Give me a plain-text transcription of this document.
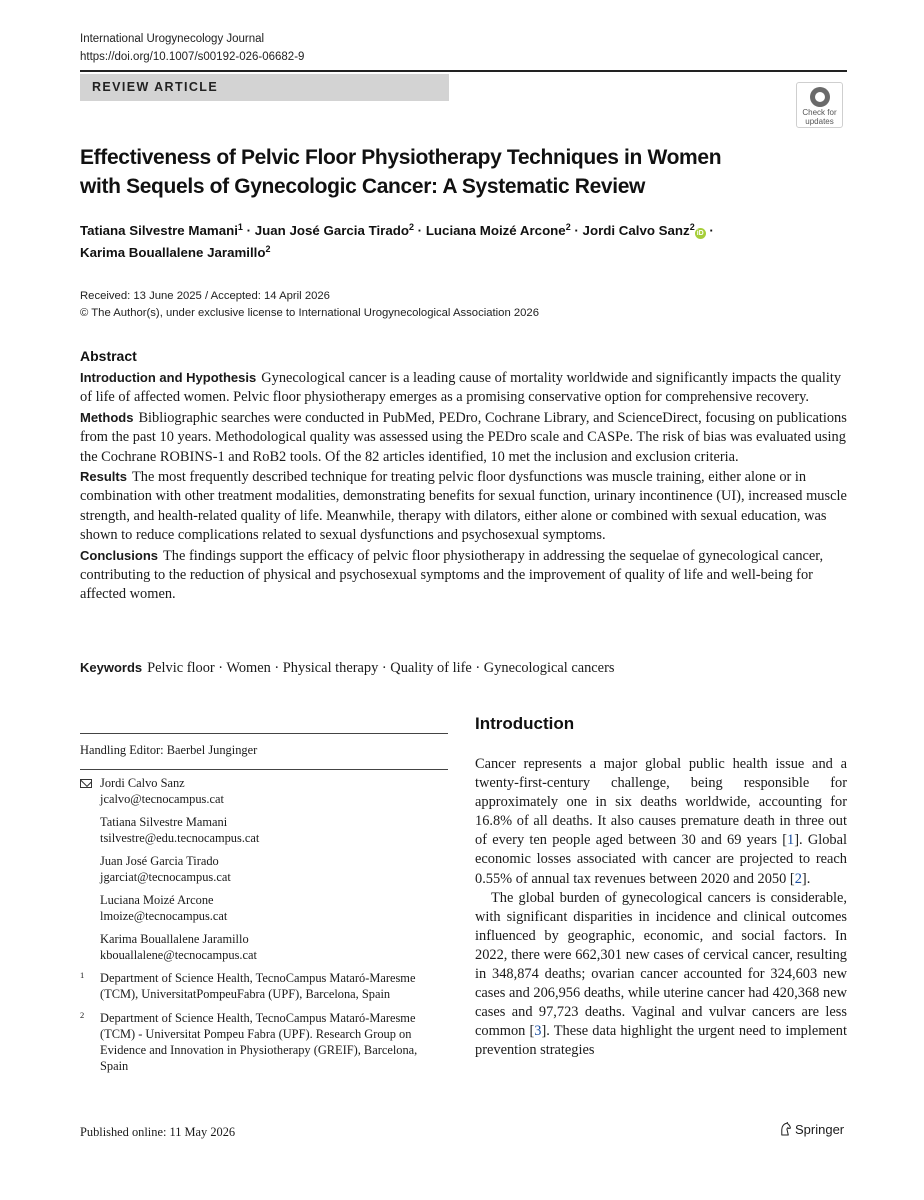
International Urogynecology Journal
https://doi.org/10.1007/s00192-026-06682-9
REVIEW ARTICLE
Check for
updates
Effectiveness of Pelvic Floor Physiotherapy Techniques in Women
with Sequels of Gynecologic Cancer: A Systematic Review
Tatiana Silvestre Mamani$^1$ · Juan José Garcia Tirado$^2$ · Luciana Moizé Arcone$^2$ · Jordi Calvo Sanz$^2$iD ·
Karima Bouallalene Jaramillo$^2$
Received: 13 June 2025 / Accepted: 14 April 2026
© The Author(s), under exclusive license to International Urogynecological Association 2026
Abstract

Introduction and Hypothesis Gynecological cancer is a leading cause of mortality worldwide and significantly impacts the quality of life of affected women. Pelvic floor physiotherapy emerges as a promising conservative option for comprehensive recovery.

Methods Bibliographic searches were conducted in PubMed, PEDro, Cochrane Library, and ScienceDirect, focusing on publications from the past 10 years. Methodological quality was assessed using the PEDro scale and CASPe. The risk of bias was evaluated using the Cochrane ROBINS-1 and RoB2 tools. Of the 82 articles identified, 10 met the inclusion and exclusion criteria.

Results The most frequently described technique for treating pelvic floor dysfunctions was muscle training, either alone or in combination with other treatment modalities, demonstrating benefits for sexual function, urinary incontinence (UI), increased muscle strength, and health-related quality of life. Meanwhile, therapy with dilators, either alone or combined with sexual education, was shown to reduce complications related to sexual dysfunctions and psychosexual symptoms.

Conclusions The findings support the efficacy of pelvic floor physiotherapy in addressing the sequelae of gynecological cancer, contributing to the reduction of physical and psychosexual symptoms and the improvement of quality of life and well-being for affected women.

Keywords Pelvic floor · Women · Physical therapy · Quality of life · Gynecological cancers
Handling Editor: Baerbel Junginger
Jordi Calvo Sanz
jcalvo@tecnocampus.cat
Tatiana Silvestre Mamani
tsilvestre@edu.tecnocampus.cat
Juan José Garcia Tirado
jgarciat@tecnocampus.cat
Luciana Moizé Arcone
lmoize@tecnocampus.cat
Karima Bouallalene Jaramillo
kbouallalene@tecnocampus.cat
1 Department of Science Health, TecnoCampus Mataró-Maresme (TCM), UniversitatPompeuFabra (UPF), Barcelona, Spain
2 Department of Science Health, TecnoCampus Mataró-Maresme (TCM) - Universitat Pompeu Fabra (UPF). Research Group on Evidence and Innovation in Physiotherapy (GREIF), Barcelona, Spain
Introduction

Cancer represents a major global public health issue and a twenty-first-century challenge, being responsible for approximately one in six deaths worldwide, accounting for 16.8% of all deaths. It also causes premature death in three out of every ten people aged between 30 and 69 years [1]. Global economic losses associated with cancer are projected to reach 0.55% of annual tax revenues between 2020 and 2050 [2].

The global burden of gynecological cancers is considerable, with significant disparities in incidence and clinical outcomes influenced by geographic, economic, and social factors. In 2022, there were 662,301 new cases of cervical cancer, resulting in 348,874 deaths; ovarian cancer accounted for 324,603 new cases and 206,956 deaths, while uterine cancer had 420,368 new cases and 97,723 deaths. Vaginal and vulvar cancers are less common [3]. These data highlight the urgent need to implement prevention strategies

Published online: 11 May 2026	Springer
